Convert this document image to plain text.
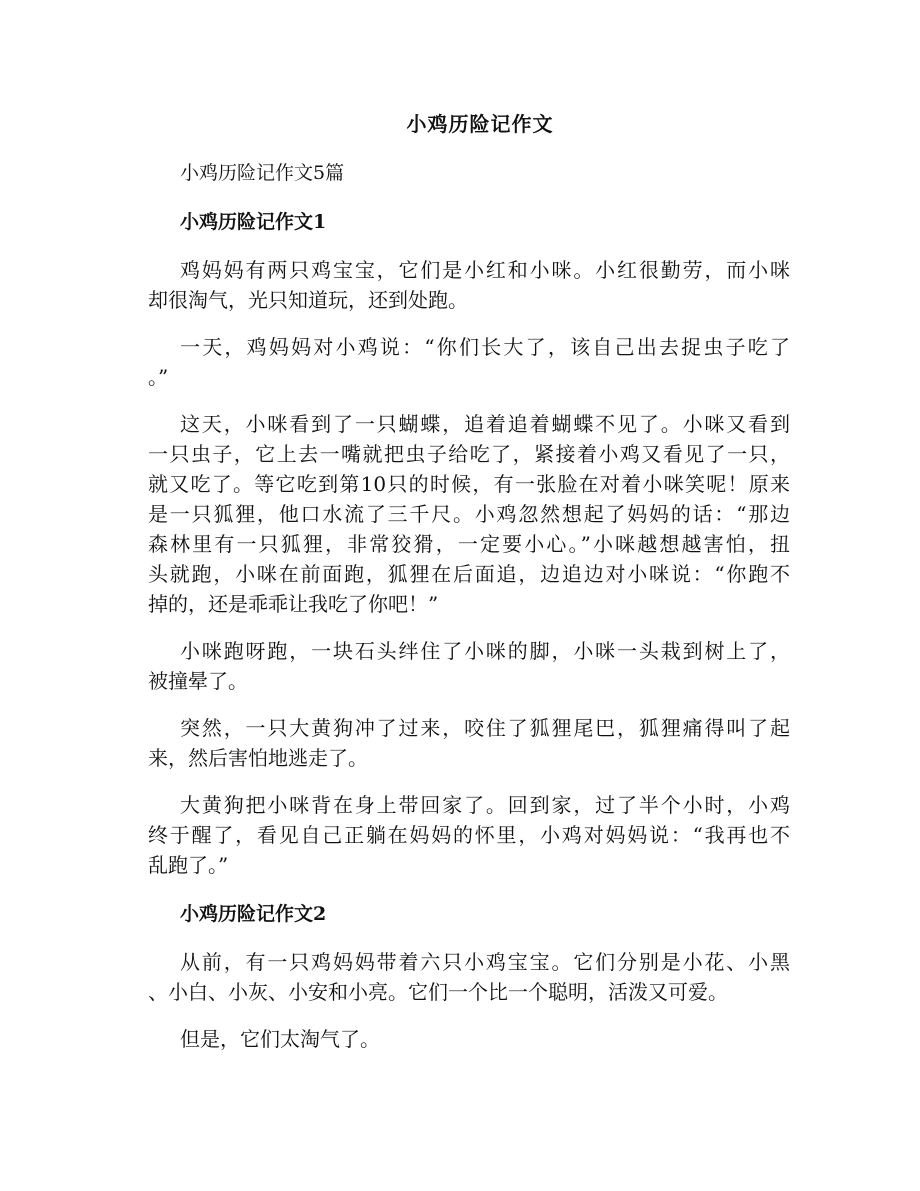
小鸡历险记作文
小鸡历险记作文5篇
小鸡历险记作文1
鸡妈妈有两只鸡宝宝，它们是小红和小咪。小红很勤劳，而小咪
却很淘气，光只知道玩，还到处跑。
一天，鸡妈妈对小鸡说：“你们长大了，该自己出去捉虫子吃了
。”
这天，小咪看到了一只蝴蝶，追着追着蝴蝶不见了。小咪又看到
一只虫子，它上去一嘴就把虫子给吃了，紧接着小鸡又看见了一只，
就又吃了。等它吃到第10只的时候，有一张脸在对着小咪笑呢！原来
是一只狐狸，他口水流了三千尺。小鸡忽然想起了妈妈的话：“那边
森林里有一只狐狸，非常狡猾，一定要小心。”小咪越想越害怕，扭
头就跑，小咪在前面跑，狐狸在后面追，边追边对小咪说：“你跑不
掉的，还是乖乖让我吃了你吧！”
小咪跑呀跑，一块石头绊住了小咪的脚，小咪一头栽到树上了，
被撞晕了。
突然，一只大黄狗冲了过来，咬住了狐狸尾巴，狐狸痛得叫了起
来，然后害怕地逃走了。
大黄狗把小咪背在身上带回家了。回到家，过了半个小时，小鸡
终于醒了，看见自己正躺在妈妈的怀里，小鸡对妈妈说：“我再也不
乱跑了。”
小鸡历险记作文2
从前，有一只鸡妈妈带着六只小鸡宝宝。它们分别是小花、小黑
、小白、小灰、小安和小亮。它们一个比一个聪明，活泼又可爱。
但是，它们太淘气了。
